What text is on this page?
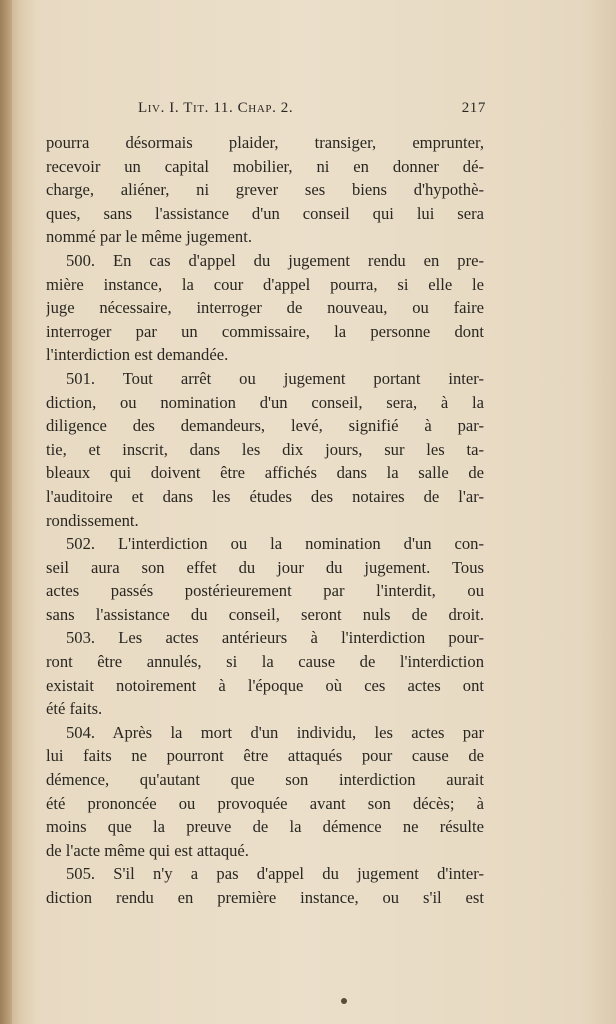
Liv. I. Tit. 11. Chap. 2.	217
pourra désormais plaider, transiger, emprunter,
recevoir un capital mobilier, ni en donner dé-
charge, aliéner, ni grever ses biens d'hypothè-
ques, sans l'assistance d'un conseil qui lui sera
nommé par le même jugement.
500. En cas d'appel du jugement rendu en pre-
mière instance, la cour d'appel pourra, si elle le
juge nécessaire, interroger de nouveau, ou faire
interroger par un commissaire, la personne dont
l'interdiction est demandée.
501. Tout arrêt ou jugement portant inter-
diction, ou nomination d'un conseil, sera, à la
diligence des demandeurs, levé, signifié à par-
tie, et inscrit, dans les dix jours, sur les ta-
bleaux qui doivent être affichés dans la salle de
l'auditoire et dans les études des notaires de l'ar-
rondissement.
502. L'interdiction ou la nomination d'un con-
seil aura son effet du jour du jugement. Tous
actes passés postérieurement par l'interdit, ou
sans l'assistance du conseil, seront nuls de droit.
503. Les actes antérieurs à l'interdiction pour-
ront être annulés, si la cause de l'interdiction
existait notoirement à l'époque où ces actes ont
été faits.
504. Après la mort d'un individu, les actes par
lui faits ne pourront être attaqués pour cause de
démence, qu'autant que son interdiction aurait
été prononcée ou provoquée avant son décès; à
moins que la preuve de la démence ne résulte
de l'acte même qui est attaqué.
505. S'il n'y a pas d'appel du jugement d'inter-
diction rendu en première instance, ou s'il est
